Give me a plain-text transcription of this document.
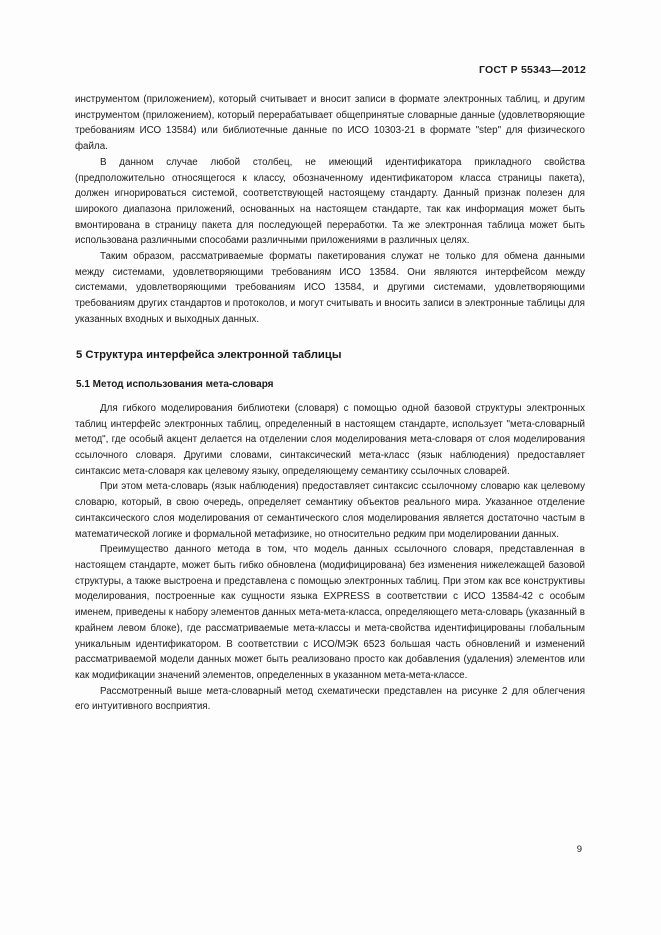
ГОСТ Р 55343—2012

инструментом (приложением), который считывает и вносит записи в формате электронных таблиц, и другим инструментом (приложением), который перерабатывает общепринятые словарные данные (удовлетворяющие требованиям ИСО 13584) или библиотечные данные по ИСО 10303-21 в формате "step" для физического файла.

В данном случае любой столбец, не имеющий идентификатора прикладного свойства (предположительно относящегося к классу, обозначенному идентификатором класса страницы пакета), должен игнорироваться системой, соответствующей настоящему стандарту. Данный признак полезен для широкого диапазона приложений, основанных на настоящем стандарте, так как информация может быть вмонтирована в страницу пакета для последующей переработки. Та же электронная таблица может быть использована различными способами различными приложениями в различных целях.

Таким образом, рассматриваемые форматы пакетирования служат не только для обмена данными между системами, удовлетворяющими требованиям ИСО 13584. Они являются интерфейсом между системами, удовлетворяющими требованиям ИСО 13584, и другими системами, удовлетворяющими требованиям других стандартов и протоколов, и могут считывать и вносить записи в электронные таблицы для указанных входных и выходных данных.

5 Структура интерфейса электронной таблицы
5.1 Метод использования мета-словаря

Для гибкого моделирования библиотеки (словаря) с помощью одной базовой структуры электронных таблиц интерфейс электронных таблиц, определенный в настоящем стандарте, использует "мета-словарный метод", где особый акцент делается на отделении слоя моделирования мета-словаря от слоя моделирования ссылочного словаря. Другими словами, синтаксический мета-класс (язык наблюдения) предоставляет синтаксис мета-словаря как целевому языку, определяющему семантику ссылочных словарей.

При этом мета-словарь (язык наблюдения) предоставляет синтаксис ссылочному словарю как целевому словарю, который, в свою очередь, определяет семантику объектов реального мира. Указанное отделение синтаксического слоя моделирования от семантического слоя моделирования является достаточно частым в математической логике и формальной метафизике, но относительно редким при моделировании данных.

Преимущество данного метода в том, что модель данных ссылочного словаря, представленная в настоящем стандарте, может быть гибко обновлена (модифицирована) без изменения нижележащей базовой структуры, а также выстроена и представлена с помощью электронных таблиц. При этом как все конструктивы моделирования, построенные как сущности языка EXPRESS в соответствии с ИСО 13584-42 с особым именем, приведены к набору элементов данных мета-мета-класса, определяющего мета-словарь (указанный в крайнем левом блоке), где рассматриваемые мета-классы и мета-свойства идентифицированы глобальным уникальным идентификатором. В соответствии с ИСО/МЭК 6523 большая часть обновлений и изменений рассматриваемой модели данных может быть реализовано просто как добавления (удаления) элементов или как модификации значений элементов, определенных в указанном мета-мета-классе.

Рассмотренный выше мета-словарный метод схематически представлен на рисунке 2 для облегчения его интуитивного восприятия.

9
